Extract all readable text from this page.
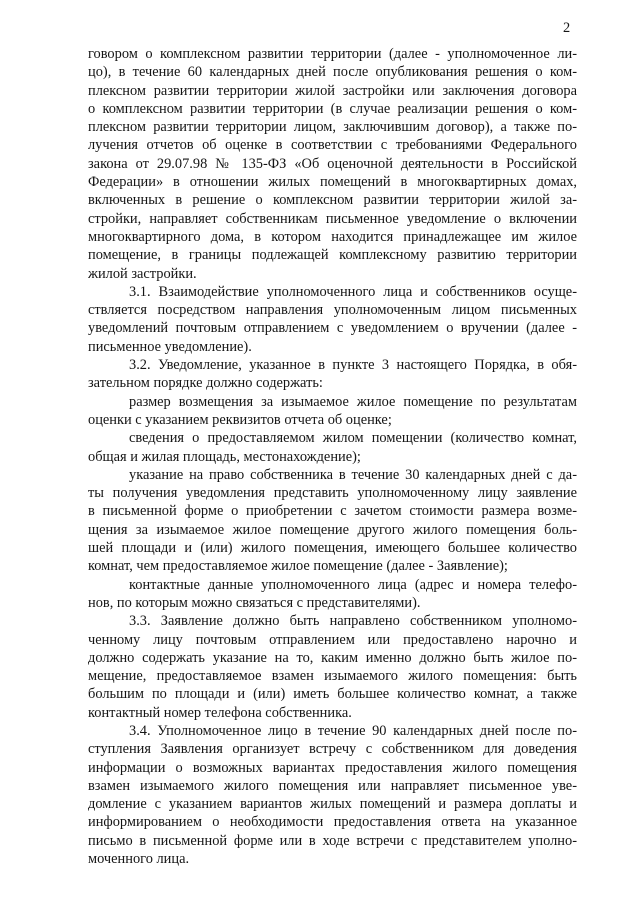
2
говором о комплексном развитии территории (далее - уполномоченное ли-
цо), в течение 60 календарных дней после опубликования решения о ком-
плексном развитии территории жилой застройки или заключения договора
о комплексном развитии территории (в случае реализации решения о ком-
плексном развитии территории лицом, заключившим договор), а также по-
лучения отчетов об оценке в соответствии с требованиями Федерального
закона от 29.07.98 № 135-ФЗ «Об оценочной деятельности в Российской
Федерации» в отношении жилых помещений в многоквартирных домах,
включенных в решение о комплексном развитии территории жилой за-
стройки, направляет собственникам письменное уведомление о включении
многоквартирного дома, в котором находится принадлежащее им жилое
помещение, в границы подлежащей комплексному развитию территории
жилой застройки.
3.1. Взаимодействие уполномоченного лица и собственников осуще-
ствляется посредством направления уполномоченным лицом письменных
уведомлений почтовым отправлением с уведомлением о вручении (далее -
письменное уведомление).
3.2. Уведомление, указанное в пункте 3 настоящего Порядка, в обя-
зательном порядке должно содержать:
размер возмещения за изымаемое жилое помещение по результатам
оценки с указанием реквизитов отчета об оценке;
сведения о предоставляемом жилом помещении (количество комнат,
общая и жилая площадь, местонахождение);
указание на право собственника в течение 30 календарных дней с да-
ты получения уведомления представить уполномоченному лицу заявление
в письменной форме о приобретении с зачетом стоимости размера возме-
щения за изымаемое жилое помещение другого жилого помещения боль-
шей площади и (или) жилого помещения, имеющего большее количество
комнат, чем предоставляемое жилое помещение (далее - Заявление);
контактные данные уполномоченного лица (адрес и номера телефо-
нов, по которым можно связаться с представителями).
3.3. Заявление должно быть направлено собственником уполномо-
ченному лицу почтовым отправлением или предоставлено нарочно и
должно содержать указание на то, каким именно должно быть жилое по-
мещение, предоставляемое взамен изымаемого жилого помещения: быть
большим по площади и (или) иметь большее количество комнат, а также
контактный номер телефона собственника.
3.4. Уполномоченное лицо в течение 90 календарных дней после по-
ступления Заявления организует встречу с собственником для доведения
информации о возможных вариантах предоставления жилого помещения
взамен изымаемого жилого помещения или направляет письменное уве-
домление с указанием вариантов жилых помещений и размера доплаты и
информированием о необходимости предоставления ответа на указанное
письмо в письменной форме или в ходе встречи с представителем уполно-
моченного лица.
